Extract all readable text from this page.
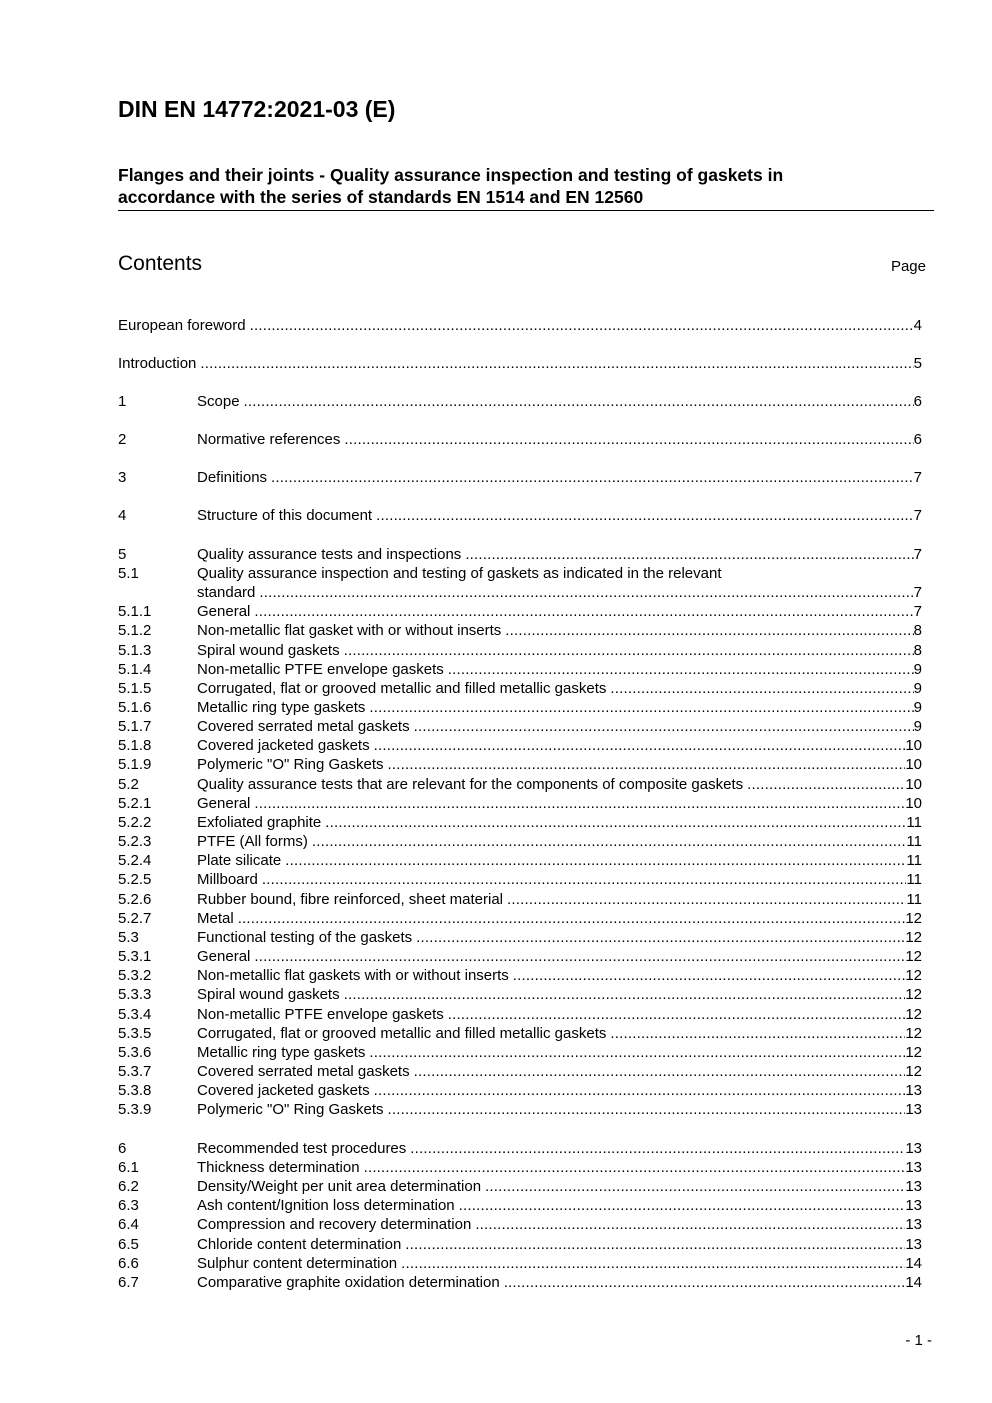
DIN EN 14772:2021-03 (E)
Flanges and their joints - Quality assurance inspection and testing of gaskets in
accordance with the series of standards EN 1514 and EN 12560
Contents	Page
European foreword .....	4
Introduction .....	5
1	Scope .....	6
2	Normative references .....	6
3	Definitions .....	7
4	Structure of this document .....	7
5	Quality assurance tests and inspections .....	7
5.1	Quality assurance inspection and testing of gaskets as indicated in the relevant
standard .....	7
5.1.1	General .....	7
5.1.2	Non-metallic flat gasket with or without inserts .....	8
5.1.3	Spiral wound gaskets .....	8
5.1.4	Non-metallic PTFE envelope gaskets .....	9
5.1.5	Corrugated, flat or grooved metallic and filled metallic gaskets .....	9
5.1.6	Metallic ring type gaskets .....	9
5.1.7	Covered serrated metal gaskets .....	9
5.1.8	Covered jacketed gaskets .....	10
5.1.9	Polymeric "O" Ring Gaskets .....	10
5.2	Quality assurance tests that are relevant for the components of composite gaskets .....	10
5.2.1	General .....	10
5.2.2	Exfoliated graphite .....	11
5.2.3	PTFE (All forms) .....	11
5.2.4	Plate silicate .....	11
5.2.5	Millboard .....	11
5.2.6	Rubber bound, fibre reinforced, sheet material .....	11
5.2.7	Metal .....	12
5.3	Functional testing of the gaskets .....	12
5.3.1	General .....	12
5.3.2	Non-metallic flat gaskets with or without inserts .....	12
5.3.3	Spiral wound gaskets .....	12
5.3.4	Non-metallic PTFE envelope gaskets .....	12
5.3.5	Corrugated, flat or grooved metallic and filled metallic gaskets .....	12
5.3.6	Metallic ring type gaskets .....	12
5.3.7	Covered serrated metal gaskets .....	12
5.3.8	Covered jacketed gaskets .....	13
5.3.9	Polymeric "O" Ring Gaskets .....	13
6	Recommended test procedures .....	13
6.1	Thickness determination .....	13
6.2	Density/Weight per unit area determination .....	13
6.3	Ash content/Ignition loss determination .....	13
6.4	Compression and recovery determination .....	13
6.5	Chloride content determination .....	13
6.6	Sulphur content determination .....	14
6.7	Comparative graphite oxidation determination .....	14
- 1 -
